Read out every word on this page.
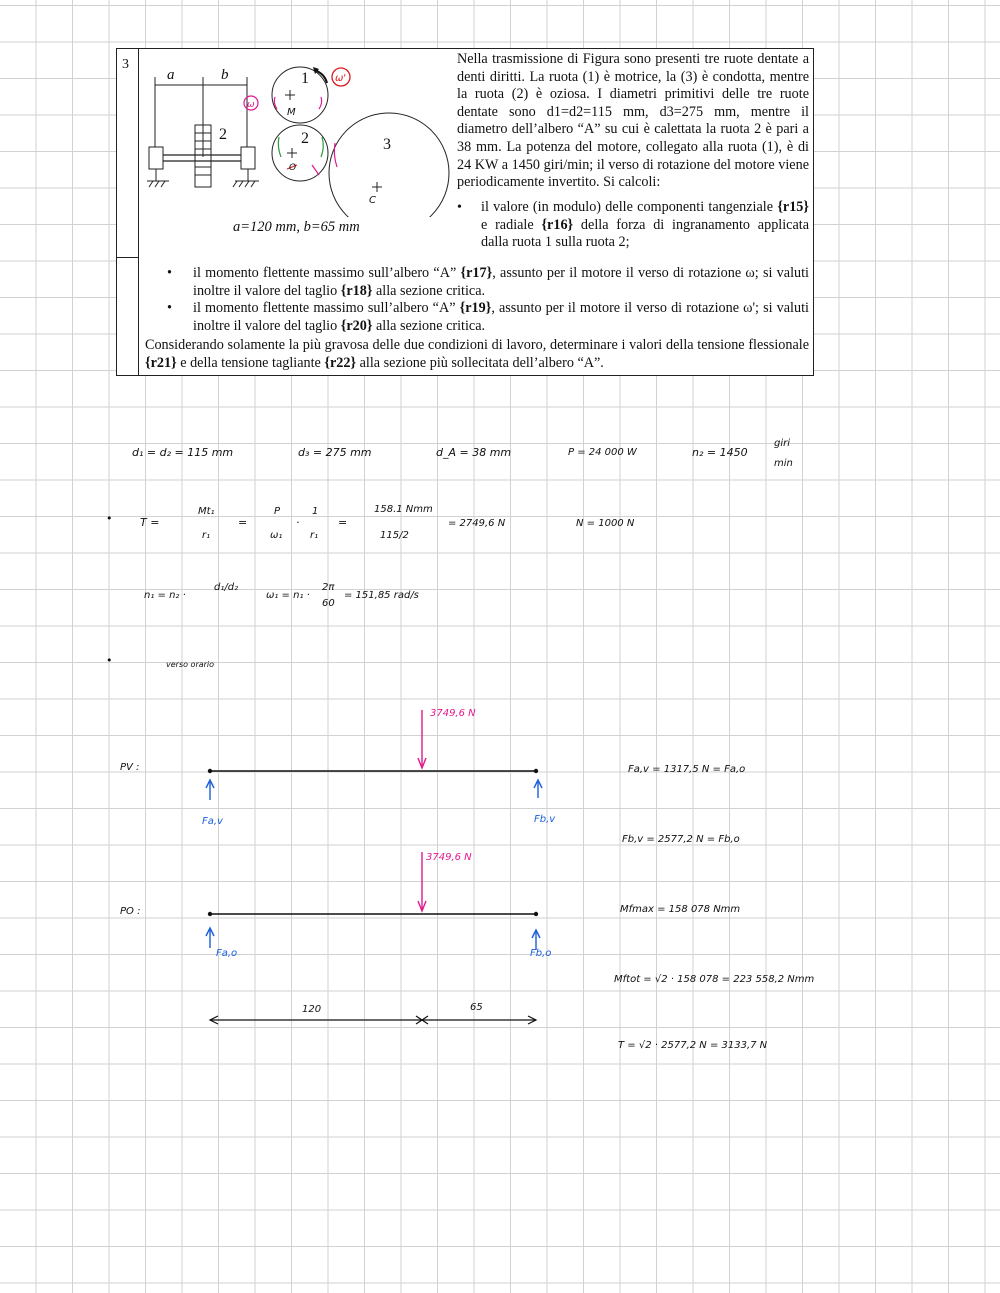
3
a	b
2
1
2	3
M
O
C
ω
ω'
a=120 mm, b=65 mm
Nella trasmissione di Figura sono presenti tre ruote dentate a denti diritti. La ruota (1) è motrice, la (3) è condotta, mentre la ruota (2) è oziosa. I diametri primitivi delle tre ruote dentate sono d1=d2=115 mm, d3=275 mm, mentre il diametro dell’albero “A” su cui è calettata la ruota 2 è pari a 38 mm. La potenza del motore, collegato alla ruota (1), è di 24 KW a 1450 giri/min; il verso di rotazione del motore viene periodicamente invertito. Si calcoli:
• il valore (in modulo) delle componenti tangenziale {r15} e radiale {r16} della forza di ingranamento applicata dalla ruota 1 sulla ruota 2;
• il momento flettente massimo sull’albero “A” {r17}, assunto per il motore il verso di rotazione ω; si valuti inoltre il valore del taglio {r18} alla sezione critica.
• il momento flettente massimo sull’albero “A” {r19}, assunto per il motore il verso di rotazione ω'; si valuti inoltre il valore del taglio {r20} alla sezione critica.
Considerando solamente la più gravosa delle due condizioni di lavoro, determinare i valori della tensione flessionale {r21} e della tensione tagliante {r22} alla sezione più sollecitata dell’albero “A”.
d₁ = d₂ = 115 mm	d₃ = 275 mm	d_A = 38 mm	P = 24 000 W	n₂ = 1450
giri
min
•	T =
Mt₁
r₁
=
P
ω₁
·
1
r₁
=
158.1 Nmm
115/2
= 2749,6 N	N = 1000 N
n₁ = n₂ ·
d₁/d₂
ω₁ = n₁ ·
2π
60
= 151,85 rad/s
•	verso orario
PV :
3749,6 N
Fa,v	Fb,v
PO :
3749,6 N
Fa,o	Fb,o
120	65
Fa,v = 1317,5 N = Fa,o
Fb,v = 2577,2 N = Fb,o
Mfmax = 158 078 Nmm
Mftot = √2 · 158 078 = 223 558,2 Nmm
T = √2 · 2577,2 N = 3133,7 N
